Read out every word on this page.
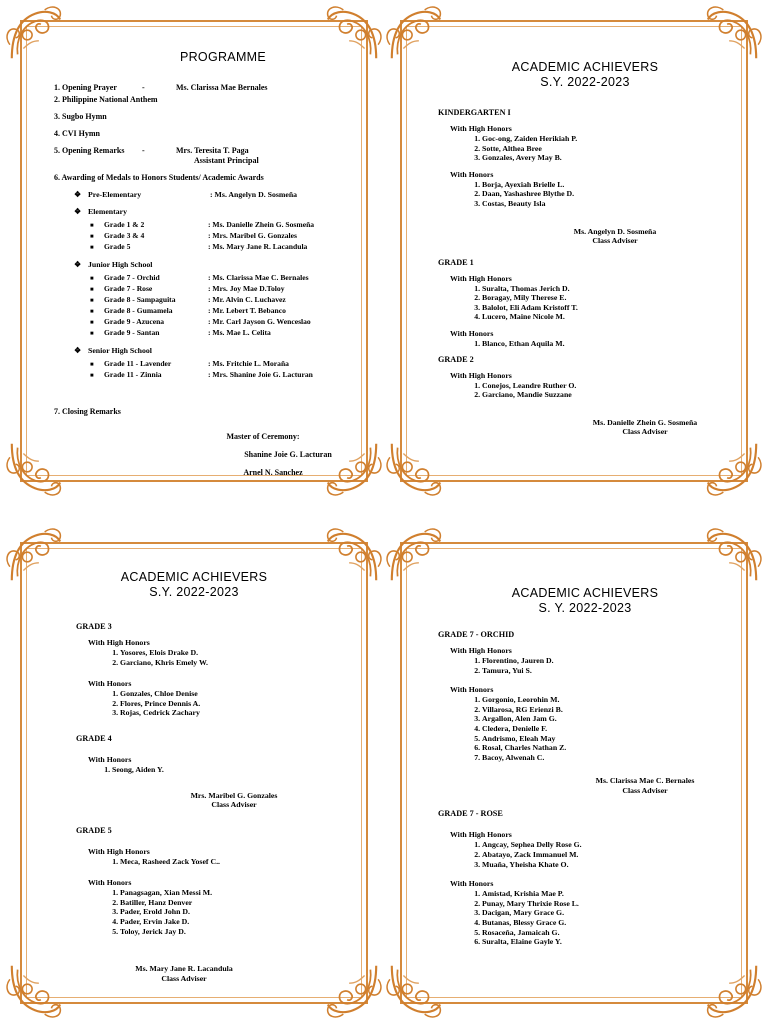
PROGRAMME
1. Opening Prayer	-	Ms. Clarissa Mae Bernales
2. Philippine National Anthem
3. Sugbo Hymn
4. CVI Hymn
5. Opening Remarks -	Mrs. Teresita T. Paga
Assistant Principal
6. Awarding of Medals to Honors Students/ Academic Awards
❖ Pre-Elementary	: Ms. Angelyn D. Sosmeña
❖ Elementary
■ Grade 1 & 2	: Ms. Danielle Zhein G. Sosmeña
■ Grade 3 & 4	: Mrs. Maribel G. Gonzales
■ Grade 5	: Ms. Mary Jane R. Lacandula
❖ Junior High School
■ Grade 7 - Orchid	: Ms. Clarissa Mae C. Bernales
■ Grade 7 - Rose	: Mrs. Joy Mae D.Toloy
■ Grade 8 - Sampaguita	: Mr. Alvin C. Luchavez
■ Grade 8 - Gumamela	: Mr. Lebert T. Bebanco
■ Grade 9 - Azucena	: Mr. Carl Jayson G. Wenceslao
■ Grade 9 - Santan	: Ms. Mae L. Celita
❖ Senior High School
■ Grade 11 - Lavender	: Ms. Fritchie L. Moraña
■ Grade 11 - Zinnia	: Mrs. Shanine Joie G. Lacturan
7. Closing Remarks
Master of Ceremony:
Shanine Joie G. Lacturan
Arnel N. Sanchez
ACADEMIC ACHIEVERS
S.Y. 2022-2023
KINDERGARTEN I
With High Honors
1. Goc-ong, Zaiden Herikiah P.
2. Sotte, Althea Bree
3. Gonzales, Avery May B.
With Honors
1. Borja, Ayexiah Brielle L.
2. Daan, Yashashree Blythe D.
3. Costas, Beauty Isla
Ms. Angelyn D. Sosmeña
Class Adviser
GRADE 1
With High Honors
1. Suralta, Thomas Jerich D.
2. Boragay, Mily Therese E.
3. Balolot, Eli Adam Kristoff T.
4. Lucero, Maine Nicole M.
With Honors
1. Blanco, Ethan Aquila M.
GRADE 2
With High Honors
1. Conejos, Leandre Ruther O.
2. Garciano, Mandie Suzzane
Ms. Danielle Zhein G. Sosmeña
Class Adviser
ACADEMIC ACHIEVERS
S.Y. 2022-2023
GRADE 3
With High Honors
1. Yosores, Elois Drake D.
2. Garciano, Khris Emely W.
With Honors
1. Gonzales, Chloe Denise
2. Flores, Prince Dennis A.
3. Rojas, Cedrick Zachary
GRADE 4
With Honors
1. Seong, Aiden Y.
Mrs. Maribel G. Gonzales
Class Adviser
GRADE 5
With High Honors
1. Meca, Rasheed Zack Yosef C..
With Honors
1. Panagsagan, Xian Messi M.
2. Batiller, Hanz Denver
3. Pader, Erold John D.
4. Pader, Ervin Jake D.
5. Toloy, Jerick Jay D.
Ms. Mary Jane R. Lacandula
Class Adviser
ACADEMIC ACHIEVERS
S. Y. 2022-2023
GRADE 7 - ORCHID
With High Honors
1. Florentino, Jauren D.
2. Tamura, Yui S.
With Honors
1. Gorgonio, Leorohin M.
2. Villarosa, RG Erienzi B.
3. Argallon, Alen Jam G.
4. Cledera, Denielle F.
5. Andrismo, Eleah May
6. Rosal, Charles Nathan Z.
7. Bacoy, Alwenah C.
Ms. Clarissa Mae C. Bernales
Class Adviser
GRADE 7 - ROSE
With High Honors
1. Angcay, Sephea Delly Rose G.
2. Abatayo, Zack Immanuel M.
3. Muaña, Yheisha Khate O.
With Honors
1. Amistad, Krishia Mae P.
2. Punay, Mary Thrixie Rose L.
3. Dacigan, Mary Grace G.
4. Butanas, Blessy Grace G.
5. Rosaceña, Jamaicah G.
6. Suralta, Elaine Gayle Y.
